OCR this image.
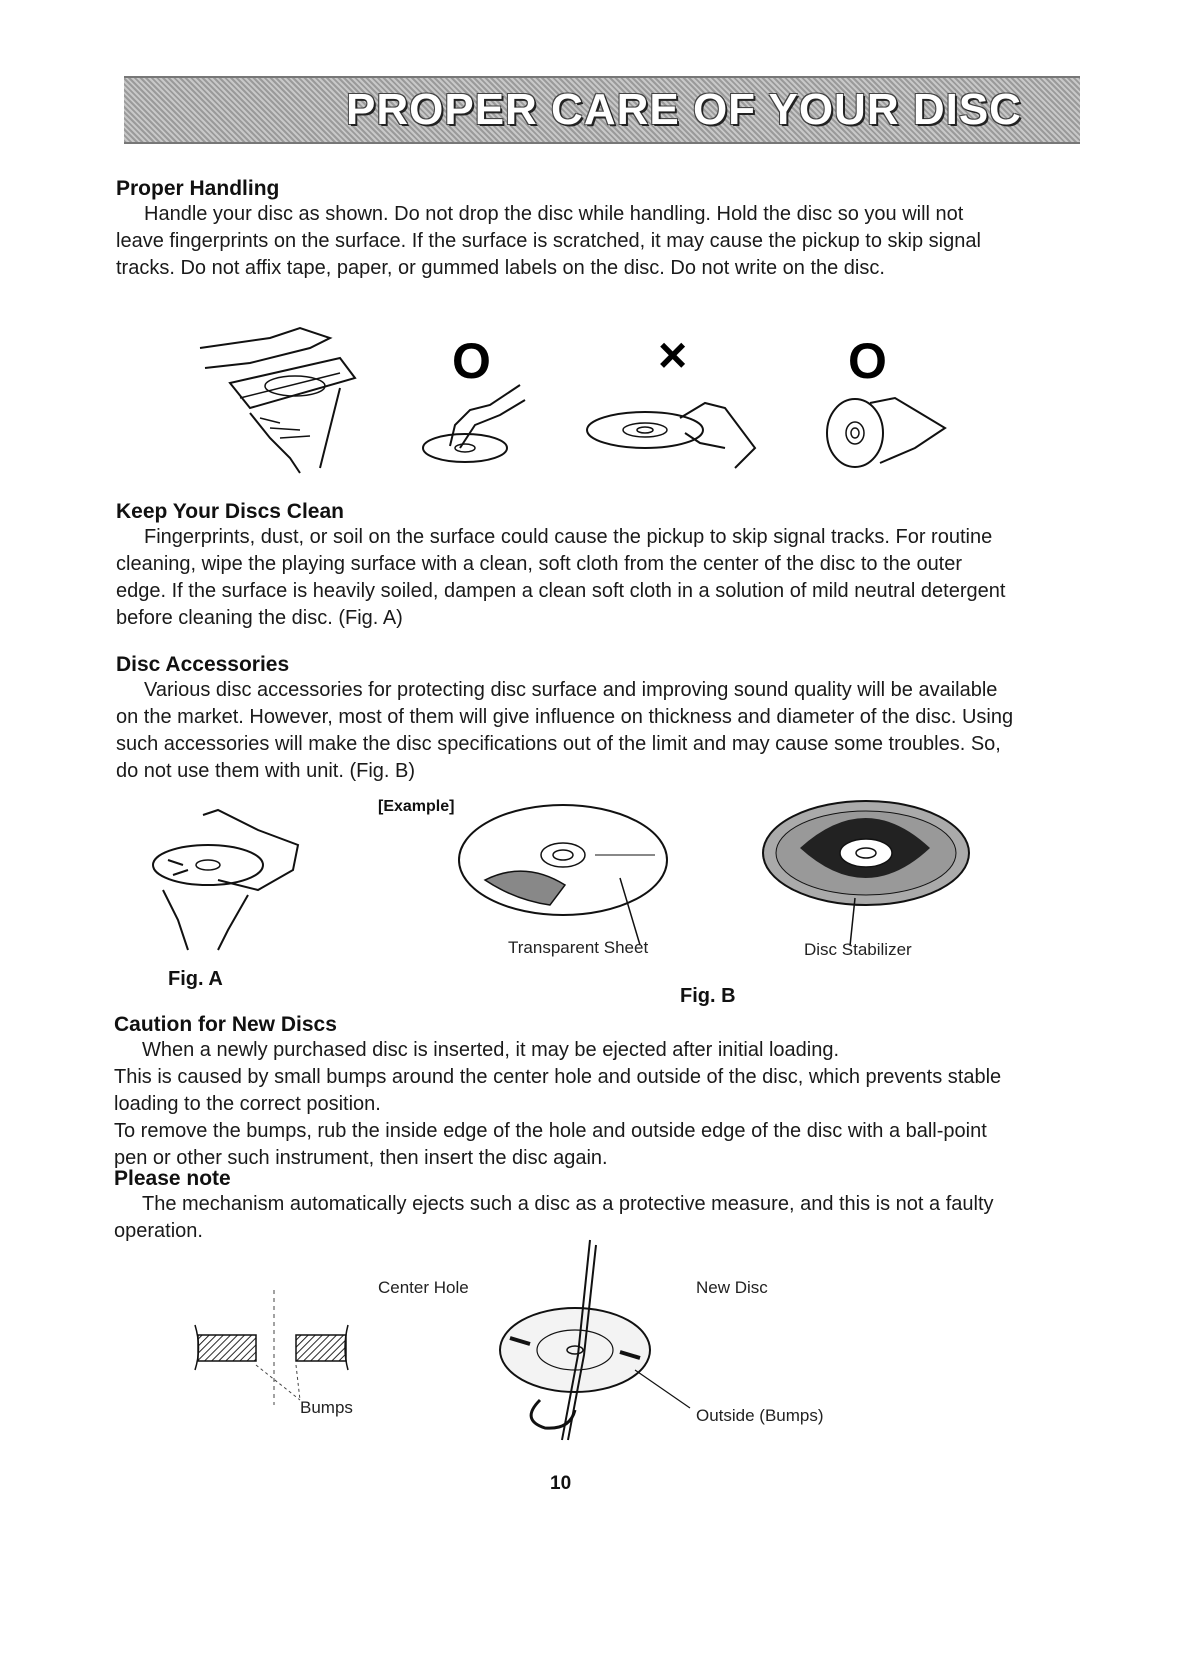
PROPER CARE OF YOUR DISC
Proper Handling

Handle your disc as shown. Do not drop the disc while handling. Hold the disc so you will not leave fingerprints on the surface. If the surface is scratched, it may cause the pickup to skip signal tracks. Do not affix tape, paper, or gummed labels on the disc. Do not write on the disc.

O	×	O
Keep Your Discs Clean

Fingerprints, dust, or soil on the surface could cause the pickup to skip signal tracks. For routine cleaning, wipe the playing surface with a clean, soft cloth from the center of the disc to the outer edge. If the surface is heavily soiled, dampen a clean soft cloth in a solution of mild neutral detergent before cleaning the disc. (Fig. A)

Disc Accessories

Various disc accessories for protecting disc surface and improving sound quality will be available on the market. However, most of them will give influence on thickness and diameter of the disc. Using such accessories will make the disc specifications out of the limit and may cause some troubles. So, do not use them with unit. (Fig. B)

[Example]
Transparent Sheet	Disc Stabilizer
Fig. A
Fig. B
Caution for New Discs

When a newly purchased disc is inserted, it may be ejected after initial loading.

This is caused by small bumps around the center hole and outside of the disc, which prevents stable loading to the correct position.

To remove the bumps, rub the inside edge of the hole and outside edge of the disc with a ball-point pen or other such instrument, then insert the disc again.

Please note

The mechanism automatically ejects such a disc as a protective measure, and this is not a faulty operation.

Center Hole	New Disc
Bumps	Outside (Bumps)
10
